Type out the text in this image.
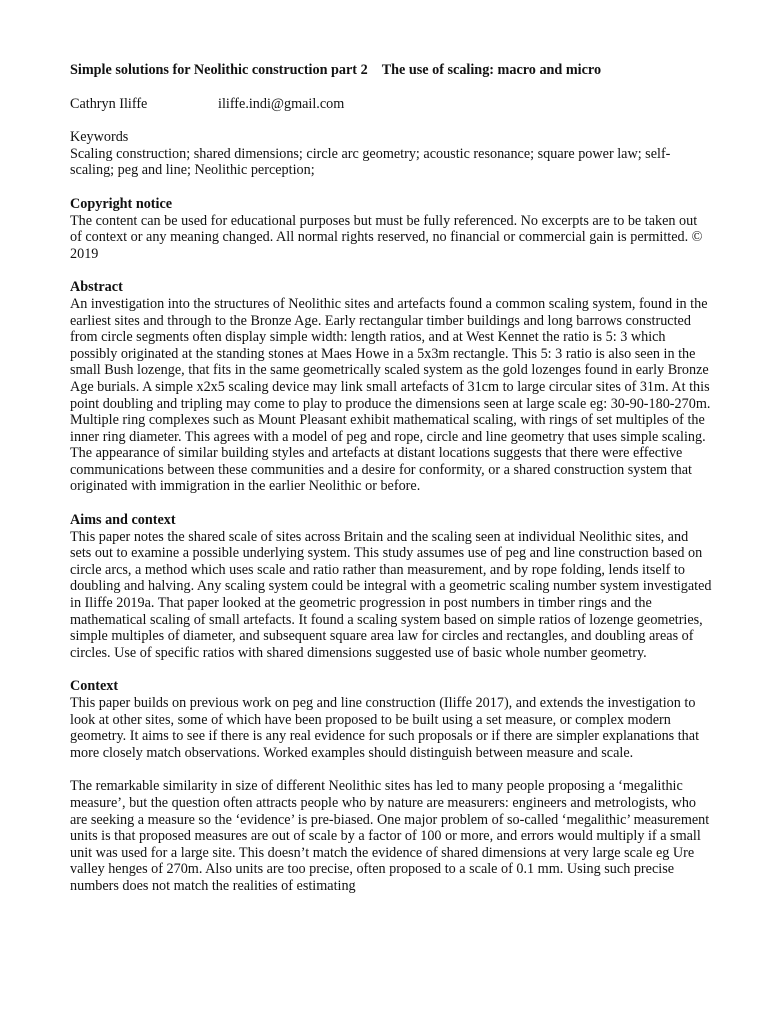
Simple solutions for Neolithic construction part 2 The use of scaling: macro and micro
Cathryn Iliffe	iliffe.indi@gmail.com
Keywords

Scaling construction; shared dimensions; circle arc geometry; acoustic resonance; square power law; self-scaling; peg and line; Neolithic perception;

Copyright notice

The content can be used for educational purposes but must be fully referenced. No excerpts are to be taken out of context or any meaning changed. All normal rights reserved, no financial or commercial gain is permitted. © 2019

Abstract

An investigation into the structures of Neolithic sites and artefacts found a common scaling system, found in the earliest sites and through to the Bronze Age. Early rectangular timber buildings and long barrows constructed from circle segments often display simple width: length ratios, and at West Kennet the ratio is 5: 3 which possibly originated at the standing stones at Maes Howe in a 5x3m rectangle. This 5: 3 ratio is also seen in the small Bush lozenge, that fits in the same geometrically scaled system as the gold lozenges found in early Bronze Age burials. A simple x2x5 scaling device may link small artefacts of 31cm to large circular sites of 31m. At this point doubling and tripling may come to play to produce the dimensions seen at large scale eg: 30-90-180-270m. Multiple ring complexes such as Mount Pleasant exhibit mathematical scaling, with rings of set multiples of the inner ring diameter. This agrees with a model of peg and rope, circle and line geometry that uses simple scaling. The appearance of similar building styles and artefacts at distant locations suggests that there were effective communications between these communities and a desire for conformity, or a shared construction system that originated with immigration in the earlier Neolithic or before.

Aims and context

This paper notes the shared scale of sites across Britain and the scaling seen at individual Neolithic sites, and sets out to examine a possible underlying system. This study assumes use of peg and line construction based on circle arcs, a method which uses scale and ratio rather than measurement, and by rope folding, lends itself to doubling and halving. Any scaling system could be integral with a geometric scaling number system investigated in Iliffe 2019a. That paper looked at the geometric progression in post numbers in timber rings and the mathematical scaling of small artefacts. It found a scaling system based on simple ratios of lozenge geometries, simple multiples of diameter, and subsequent square area law for circles and rectangles, and doubling areas of circles. Use of specific ratios with shared dimensions suggested use of basic whole number geometry.

Context

This paper builds on previous work on peg and line construction (Iliffe 2017), and extends the investigation to look at other sites, some of which have been proposed to be built using a set measure, or complex modern geometry. It aims to see if there is any real evidence for such proposals or if there are simpler explanations that more closely match observations. Worked examples should distinguish between measure and scale.

The remarkable similarity in size of different Neolithic sites has led to many people proposing a ‘megalithic measure’, but the question often attracts people who by nature are measurers: engineers and metrologists, who are seeking a measure so the ‘evidence’ is pre-biased. One major problem of so-called ‘megalithic’ measurement units is that proposed measures are out of scale by a factor of 100 or more, and errors would multiply if a small unit was used for a large site. This doesn’t match the evidence of shared dimensions at very large scale eg Ure valley henges of 270m. Also units are too precise, often proposed to a scale of 0.1 mm. Using such precise numbers does not match the realities of estimating
